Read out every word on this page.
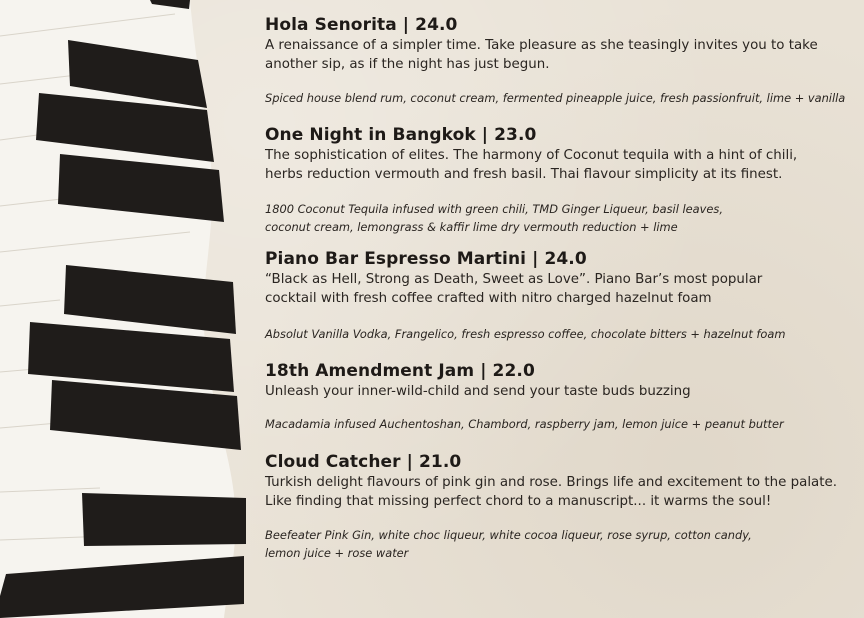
Hola Senorita | 24.0
A renaissance of a simpler time. Take pleasure as she teasingly invites you to take
another sip, as if the night has just begun.
Spiced house blend rum, coconut cream, fermented pineapple juice, fresh passionfruit, lime + vanilla
One Night in Bangkok | 23.0
The sophistication of elites. The harmony of Coconut tequila with a hint of chili,
herbs reduction vermouth and fresh basil. Thai flavour simplicity at its finest.
1800 Coconut Tequila infused with green chili, TMD Ginger Liqueur, basil leaves,
coconut cream, lemongrass & kaffir lime dry vermouth reduction + lime
Piano Bar Espresso Martini | 24.0
“Black as Hell, Strong as Death, Sweet as Love”. Piano Bar’s most popular
cocktail with fresh coffee crafted with nitro charged hazelnut foam
Absolut Vanilla Vodka, Frangelico, fresh espresso coffee, chocolate bitters + hazelnut foam
18th Amendment Jam | 22.0
Unleash your inner-wild-child and send your taste buds buzzing
Macadamia infused Auchentoshan, Chambord, raspberry jam, lemon juice + peanut butter
Cloud Catcher | 21.0
Turkish delight flavours of pink gin and rose. Brings life and excitement to the palate.
Like finding that missing perfect chord to a manuscript... it warms the soul!
Beefeater Pink Gin, white choc liqueur, white cocoa liqueur, rose syrup, cotton candy,
lemon juice + rose water
